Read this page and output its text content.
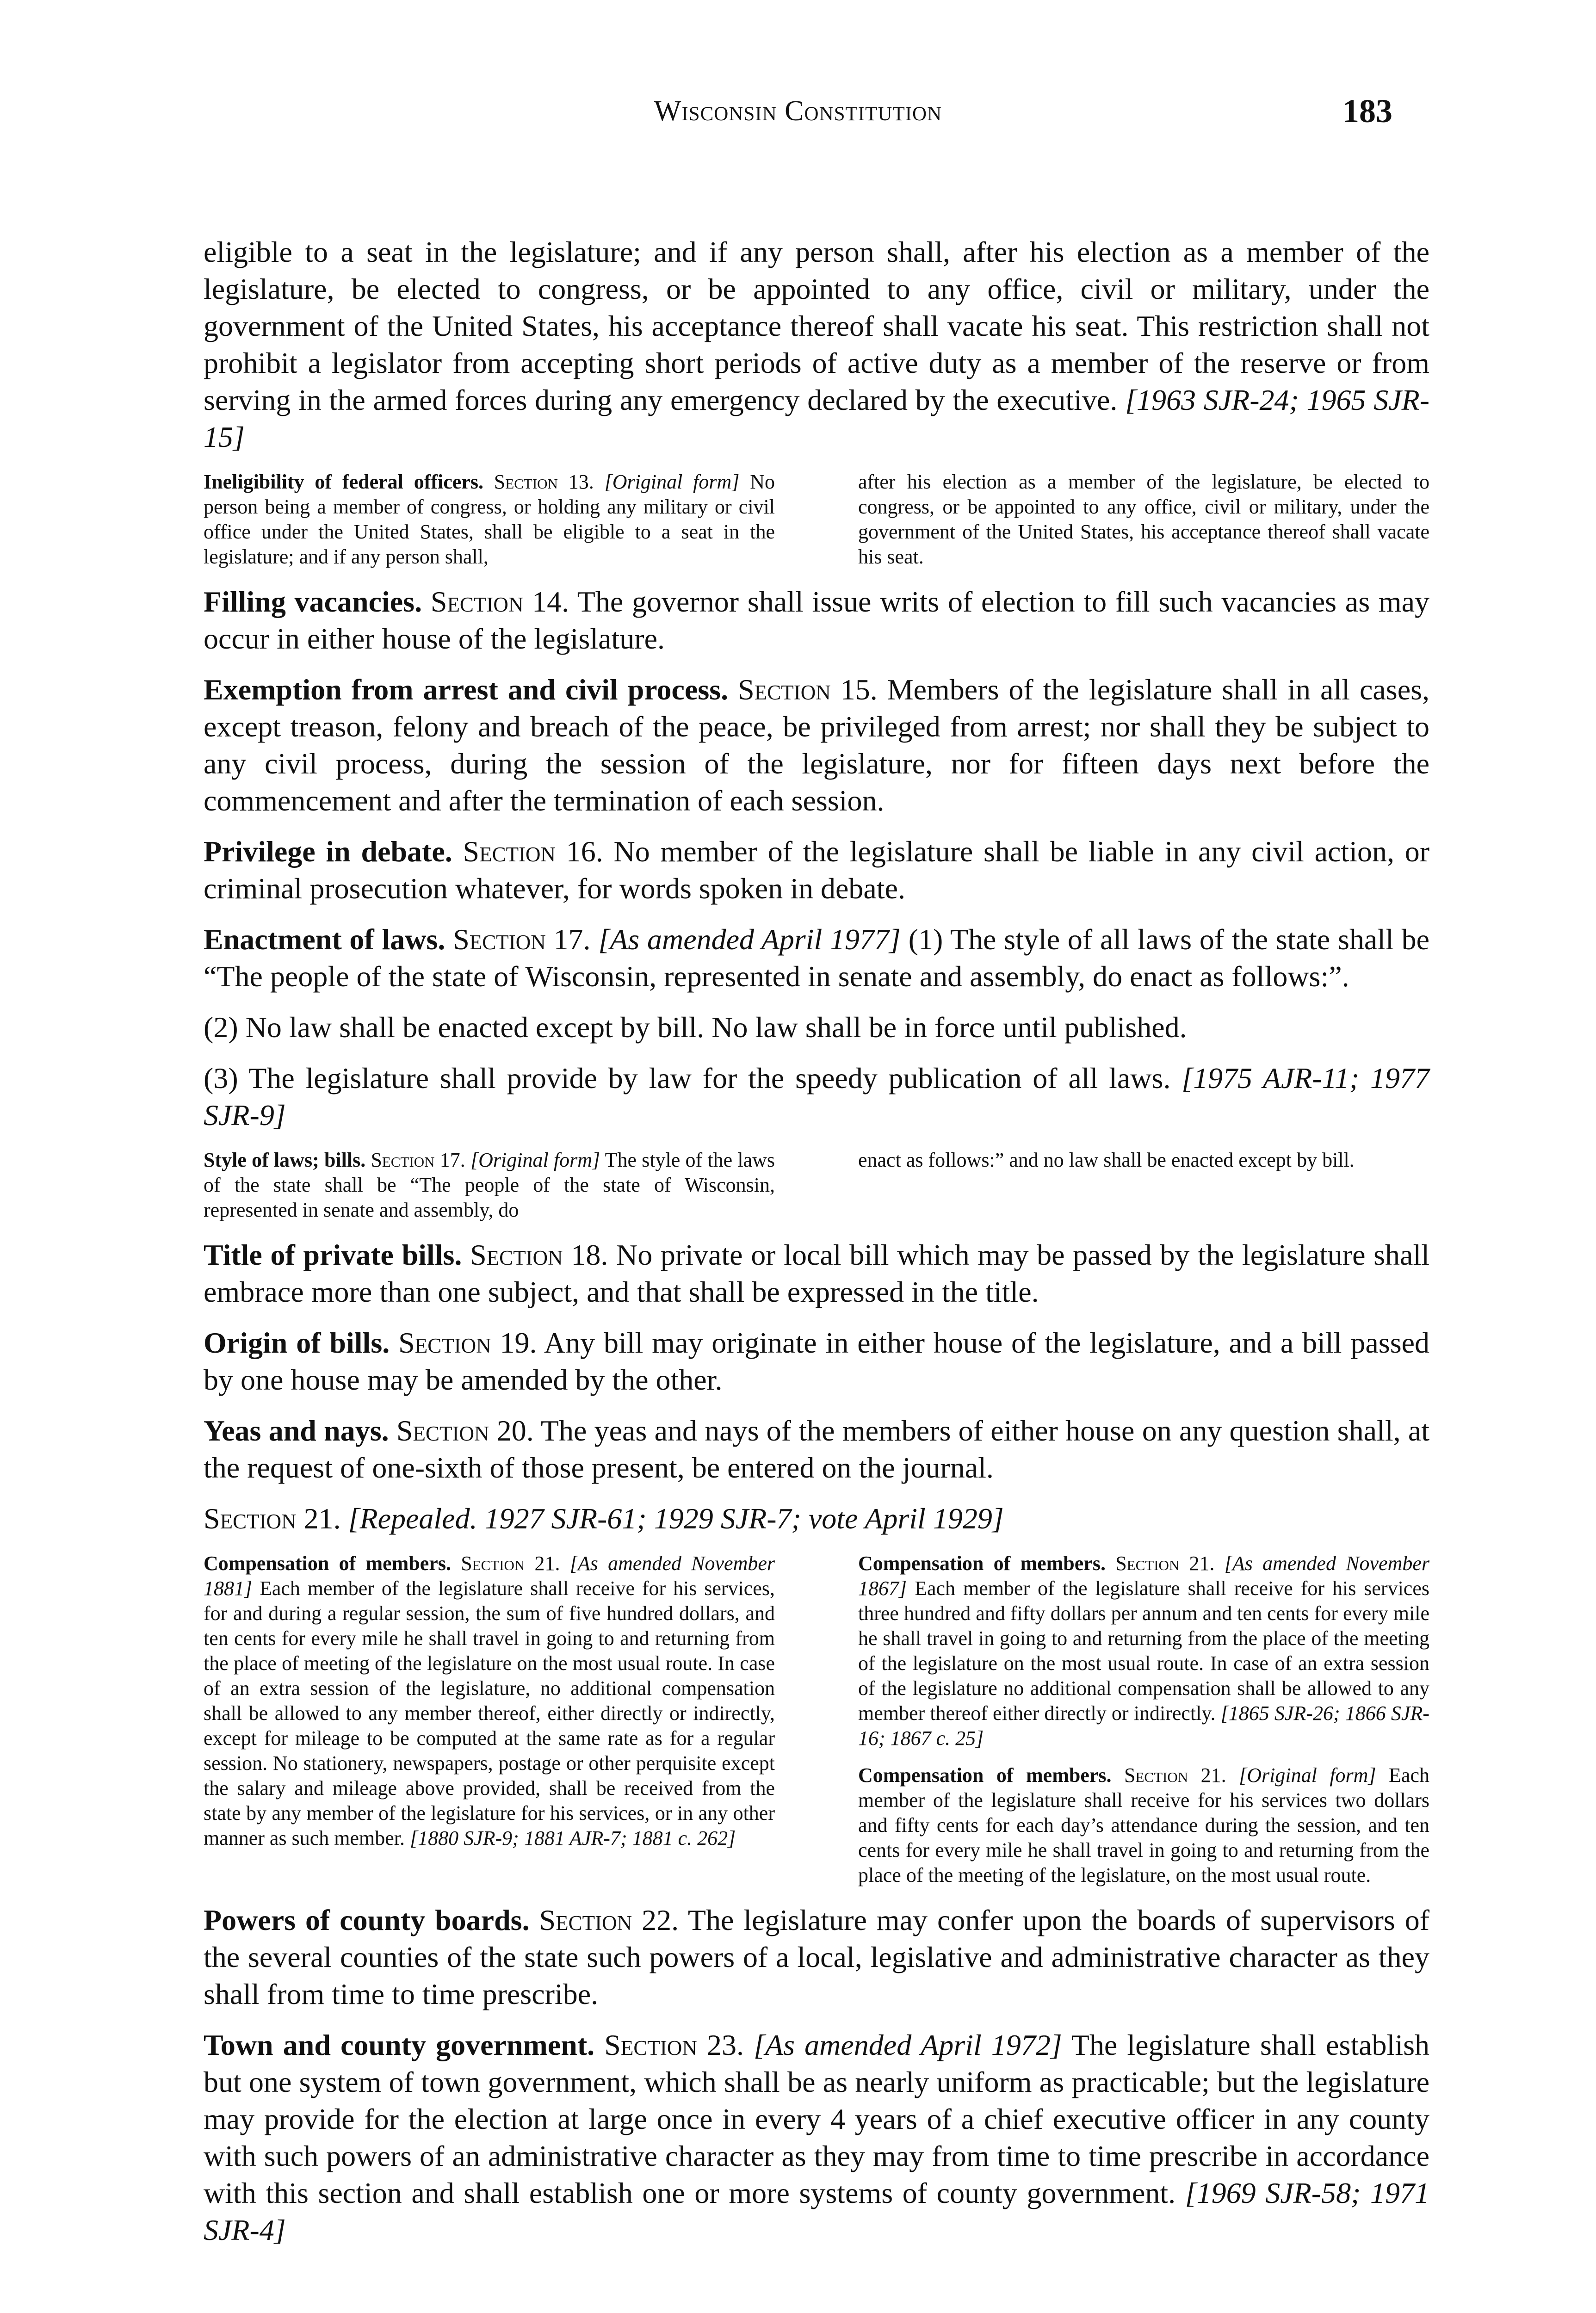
Wisconsin Constitution	183

eligible to a seat in the legislature; and if any person shall, after his election as a member of the legislature, be elected to congress, or be appointed to any office, civil or military, under the government of the United States, his acceptance thereof shall vacate his seat. This restriction shall not prohibit a legislator from accepting short periods of active duty as a member of the reserve or from serving in the armed forces during any emergency declared by the executive. [1963 SJR-24; 1965 SJR-15]

Ineligibility of federal officers. Section 13. [Original form] No person being a member of congress, or holding any military or civil office under the United States, shall be eligible to a seat in the legislature; and if any person shall,

after his election as a member of the legislature, be elected to congress, or be appointed to any office, civil or military, under the government of the United States, his acceptance thereof shall vacate his seat.

Filling vacancies. Section 14. The governor shall issue writs of election to fill such vacancies as may occur in either house of the legislature.

Exemption from arrest and civil process. Section 15. Members of the legislature shall in all cases, except treason, felony and breach of the peace, be privileged from arrest; nor shall they be subject to any civil process, during the session of the legislature, nor for fifteen days next before the commencement and after the termination of each session.

Privilege in debate. Section 16. No member of the legislature shall be liable in any civil action, or criminal prosecution whatever, for words spoken in debate.

Enactment of laws. Section 17. [As amended April 1977] (1) The style of all laws of the state shall be “The people of the state of Wisconsin, represented in senate and assembly, do enact as follows:”.

(2) No law shall be enacted except by bill. No law shall be in force until published.

(3) The legislature shall provide by law for the speedy publication of all laws. [1975 AJR-11; 1977 SJR-9]

Style of laws; bills. Section 17. [Original form] The style of the laws of the state shall be “The people of the state of Wisconsin, represented in senate and assembly, do

enact as follows:” and no law shall be enacted except by bill.

Title of private bills. Section 18. No private or local bill which may be passed by the legislature shall embrace more than one subject, and that shall be expressed in the title.

Origin of bills. Section 19. Any bill may originate in either house of the legislature, and a bill passed by one house may be amended by the other.

Yeas and nays. Section 20. The yeas and nays of the members of either house on any question shall, at the request of one-sixth of those present, be entered on the journal.

Section 21. [Repealed. 1927 SJR-61; 1929 SJR-7; vote April 1929]

Compensation of members. Section 21. [As amended November 1881] Each member of the legislature shall receive for his services, for and during a regular session, the sum of five hundred dollars, and ten cents for every mile he shall travel in going to and returning from the place of meeting of the legislature on the most usual route. In case of an extra session of the legislature, no additional compensation shall be allowed to any member thereof, either directly or indirectly, except for mileage to be computed at the same rate as for a regular session. No stationery, newspapers, postage or other perquisite except the salary and mileage above provided, shall be received from the state by any member of the legislature for his services, or in any other manner as such member. [1880 SJR-9; 1881 AJR-7; 1881 c. 262]

Compensation of members. Section 21. [As amended November 1867] Each member of the legislature shall receive for his services three hundred and fifty dollars per annum and ten cents for every mile he shall travel in going to and returning from the place of the meeting of the legislature on the most usual route. In case of an extra session of the legislature no additional compensation shall be allowed to any member thereof either directly or indirectly. [1865 SJR-26; 1866 SJR-16; 1867 c. 25]

Compensation of members. Section 21. [Original form] Each member of the legislature shall receive for his services two dollars and fifty cents for each day’s attendance during the session, and ten cents for every mile he shall travel in going to and returning from the place of the meeting of the legislature, on the most usual route.

Powers of county boards. Section 22. The legislature may confer upon the boards of supervisors of the several counties of the state such powers of a local, legislative and administrative character as they shall from time to time prescribe.

Town and county government. Section 23. [As amended April 1972] The legislature shall establish but one system of town government, which shall be as nearly uniform as practicable; but the legislature may provide for the election at large once in every 4 years of a chief executive officer in any county with such powers of an administrative character as they may from time to time prescribe in accordance with this section and shall establish one or more systems of county government. [1969 SJR-58; 1971 SJR-4]
